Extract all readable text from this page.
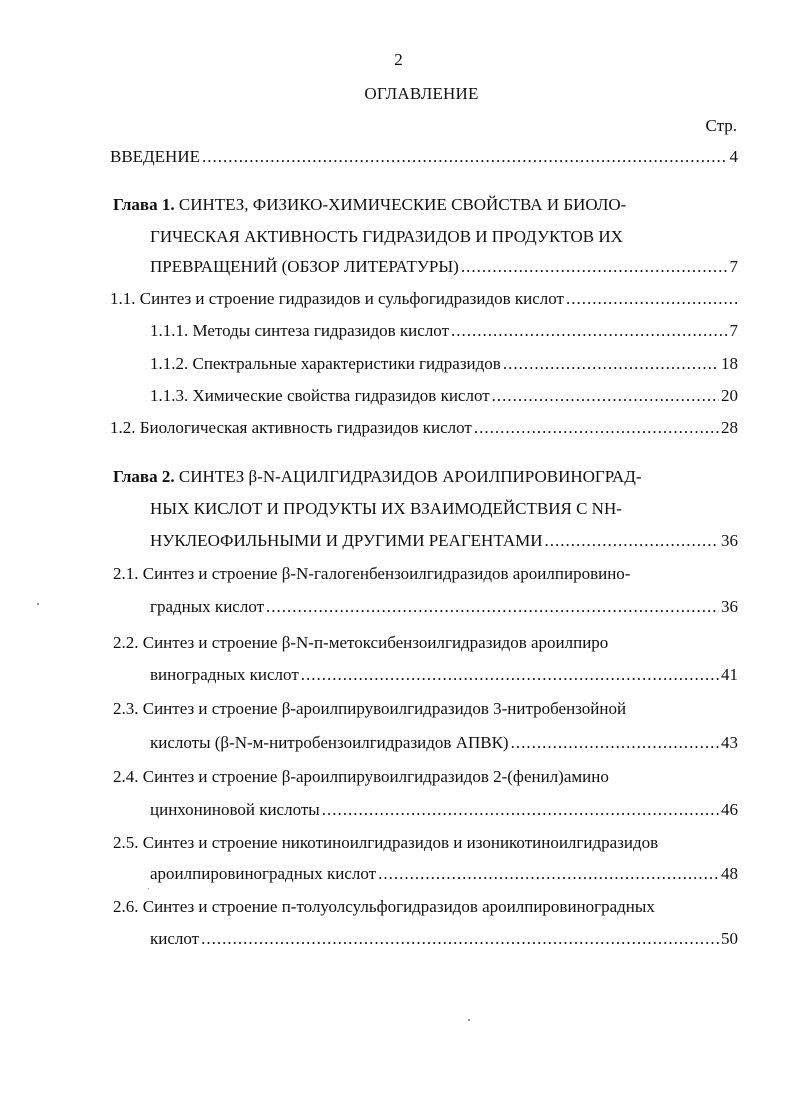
2
ОГЛАВЛЕНИЕ
Стр.
ВВЕДЕНИЕ .....	4
Глава 1. СИНТЕЗ, ФИЗИКО-ХИМИЧЕСКИЕ СВОЙСТВА И БИОЛО-
ГИЧЕСКАЯ АКТИВНОСТЬ ГИДРАЗИДОВ И ПРОДУКТОВ ИХ
ПРЕВРАЩЕНИЙ (ОБЗОР ЛИТЕРАТУРЫ) .....	7
1.1. Синтез и строение гидразидов и сульфогидразидов кислот
.....
1.1.1. Методы синтеза гидразидов кислот .....	7
1.1.2. Спектральные характеристики гидразидов .....	18
1.1.3. Химические свойства гидразидов кислот .....	20
1.2. Биологическая активность гидразидов кислот .....	28
Глава 2. СИНТЕЗ β-N-АЦИЛГИДРАЗИДОВ АРОИЛПИРОВИНОГРАД-
НЫХ КИСЛОТ И ПРОДУКТЫ ИХ ВЗАИМОДЕЙСТВИЯ С NH-
НУКЛЕОФИЛЬНЫМИ И ДРУГИМИ РЕАГЕНТАМИ .....	36
2.1. Синтез и строение β-N-галогенбензоилгидразидов ароилпировино-
градных кислот .....	36
2.2. Синтез и строение β-N-п-метоксибензоилгидразидов ароилпиро
виноградных кислот .....	41
2.3. Синтез и строение β-ароилпирувоилгидразидов 3-нитробензойной
кислоты (β-N-м-нитробензоилгидразидов АПВК) .....	43
2.4. Синтез и строение β-ароилпирувоилгидразидов 2-(фенил)амино
цинхониновой кислоты .....	46
2.5. Синтез и строение никотиноилгидразидов и изоникотиноилгидразидов
ароилпировиноградных кислот .....	48
2.6. Синтез и строение п-толуолсульфогидразидов ароилпировиноградных
кислот .....	50
